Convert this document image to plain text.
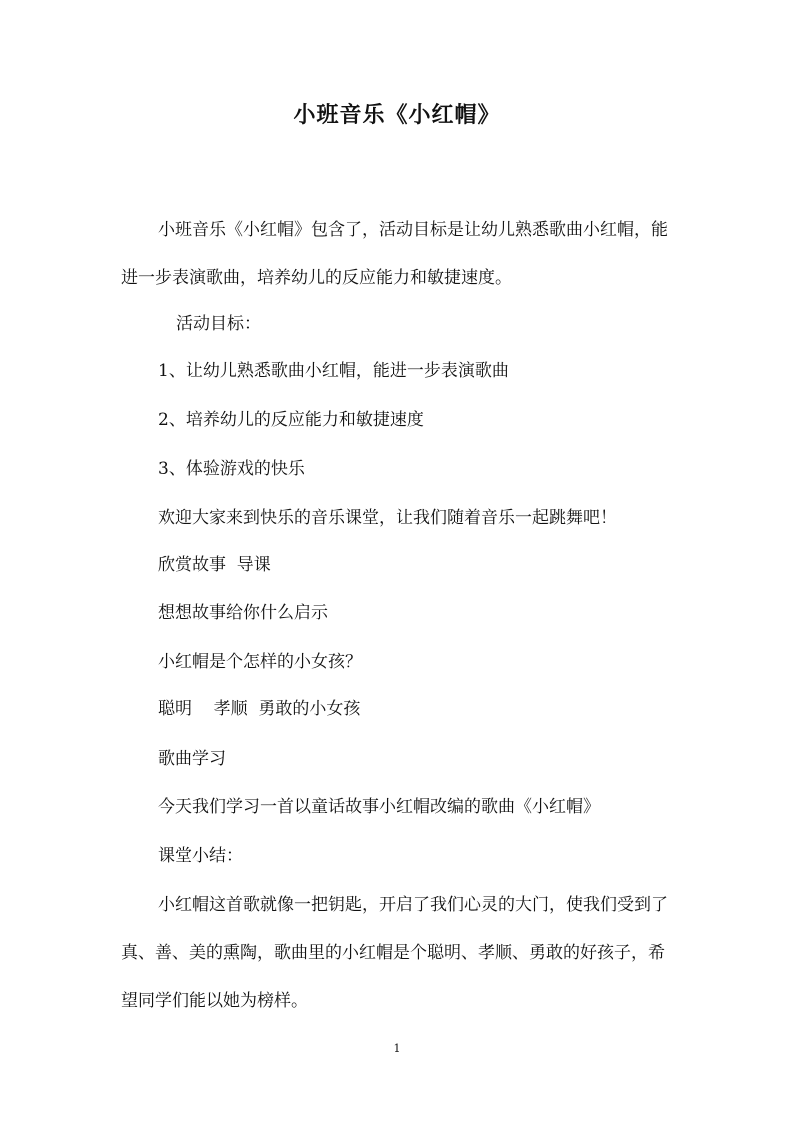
小班音乐《小红帽》
小班音乐《小红帽》包含了，活动目标是让幼儿熟悉歌曲小红帽，能进一步表演歌曲，培养幼儿的反应能力和敏捷速度。
活动目标：
1、让幼儿熟悉歌曲小红帽，能进一步表演歌曲
2、培养幼儿的反应能力和敏捷速度
3、体验游戏的快乐
欢迎大家来到快乐的音乐课堂，让我们随着音乐一起跳舞吧！
欣赏故事  导课
想想故事给你什么启示
小红帽是个怎样的小女孩？
聪明    孝顺  勇敢的小女孩
歌曲学习
今天我们学习一首以童话故事小红帽改编的歌曲《小红帽》
课堂小结：
小红帽这首歌就像一把钥匙，开启了我们心灵的大门，使我们受到了真、善、美的熏陶，歌曲里的小红帽是个聪明、孝顺、勇敢的好孩子，希望同学们能以她为榜样。
1
